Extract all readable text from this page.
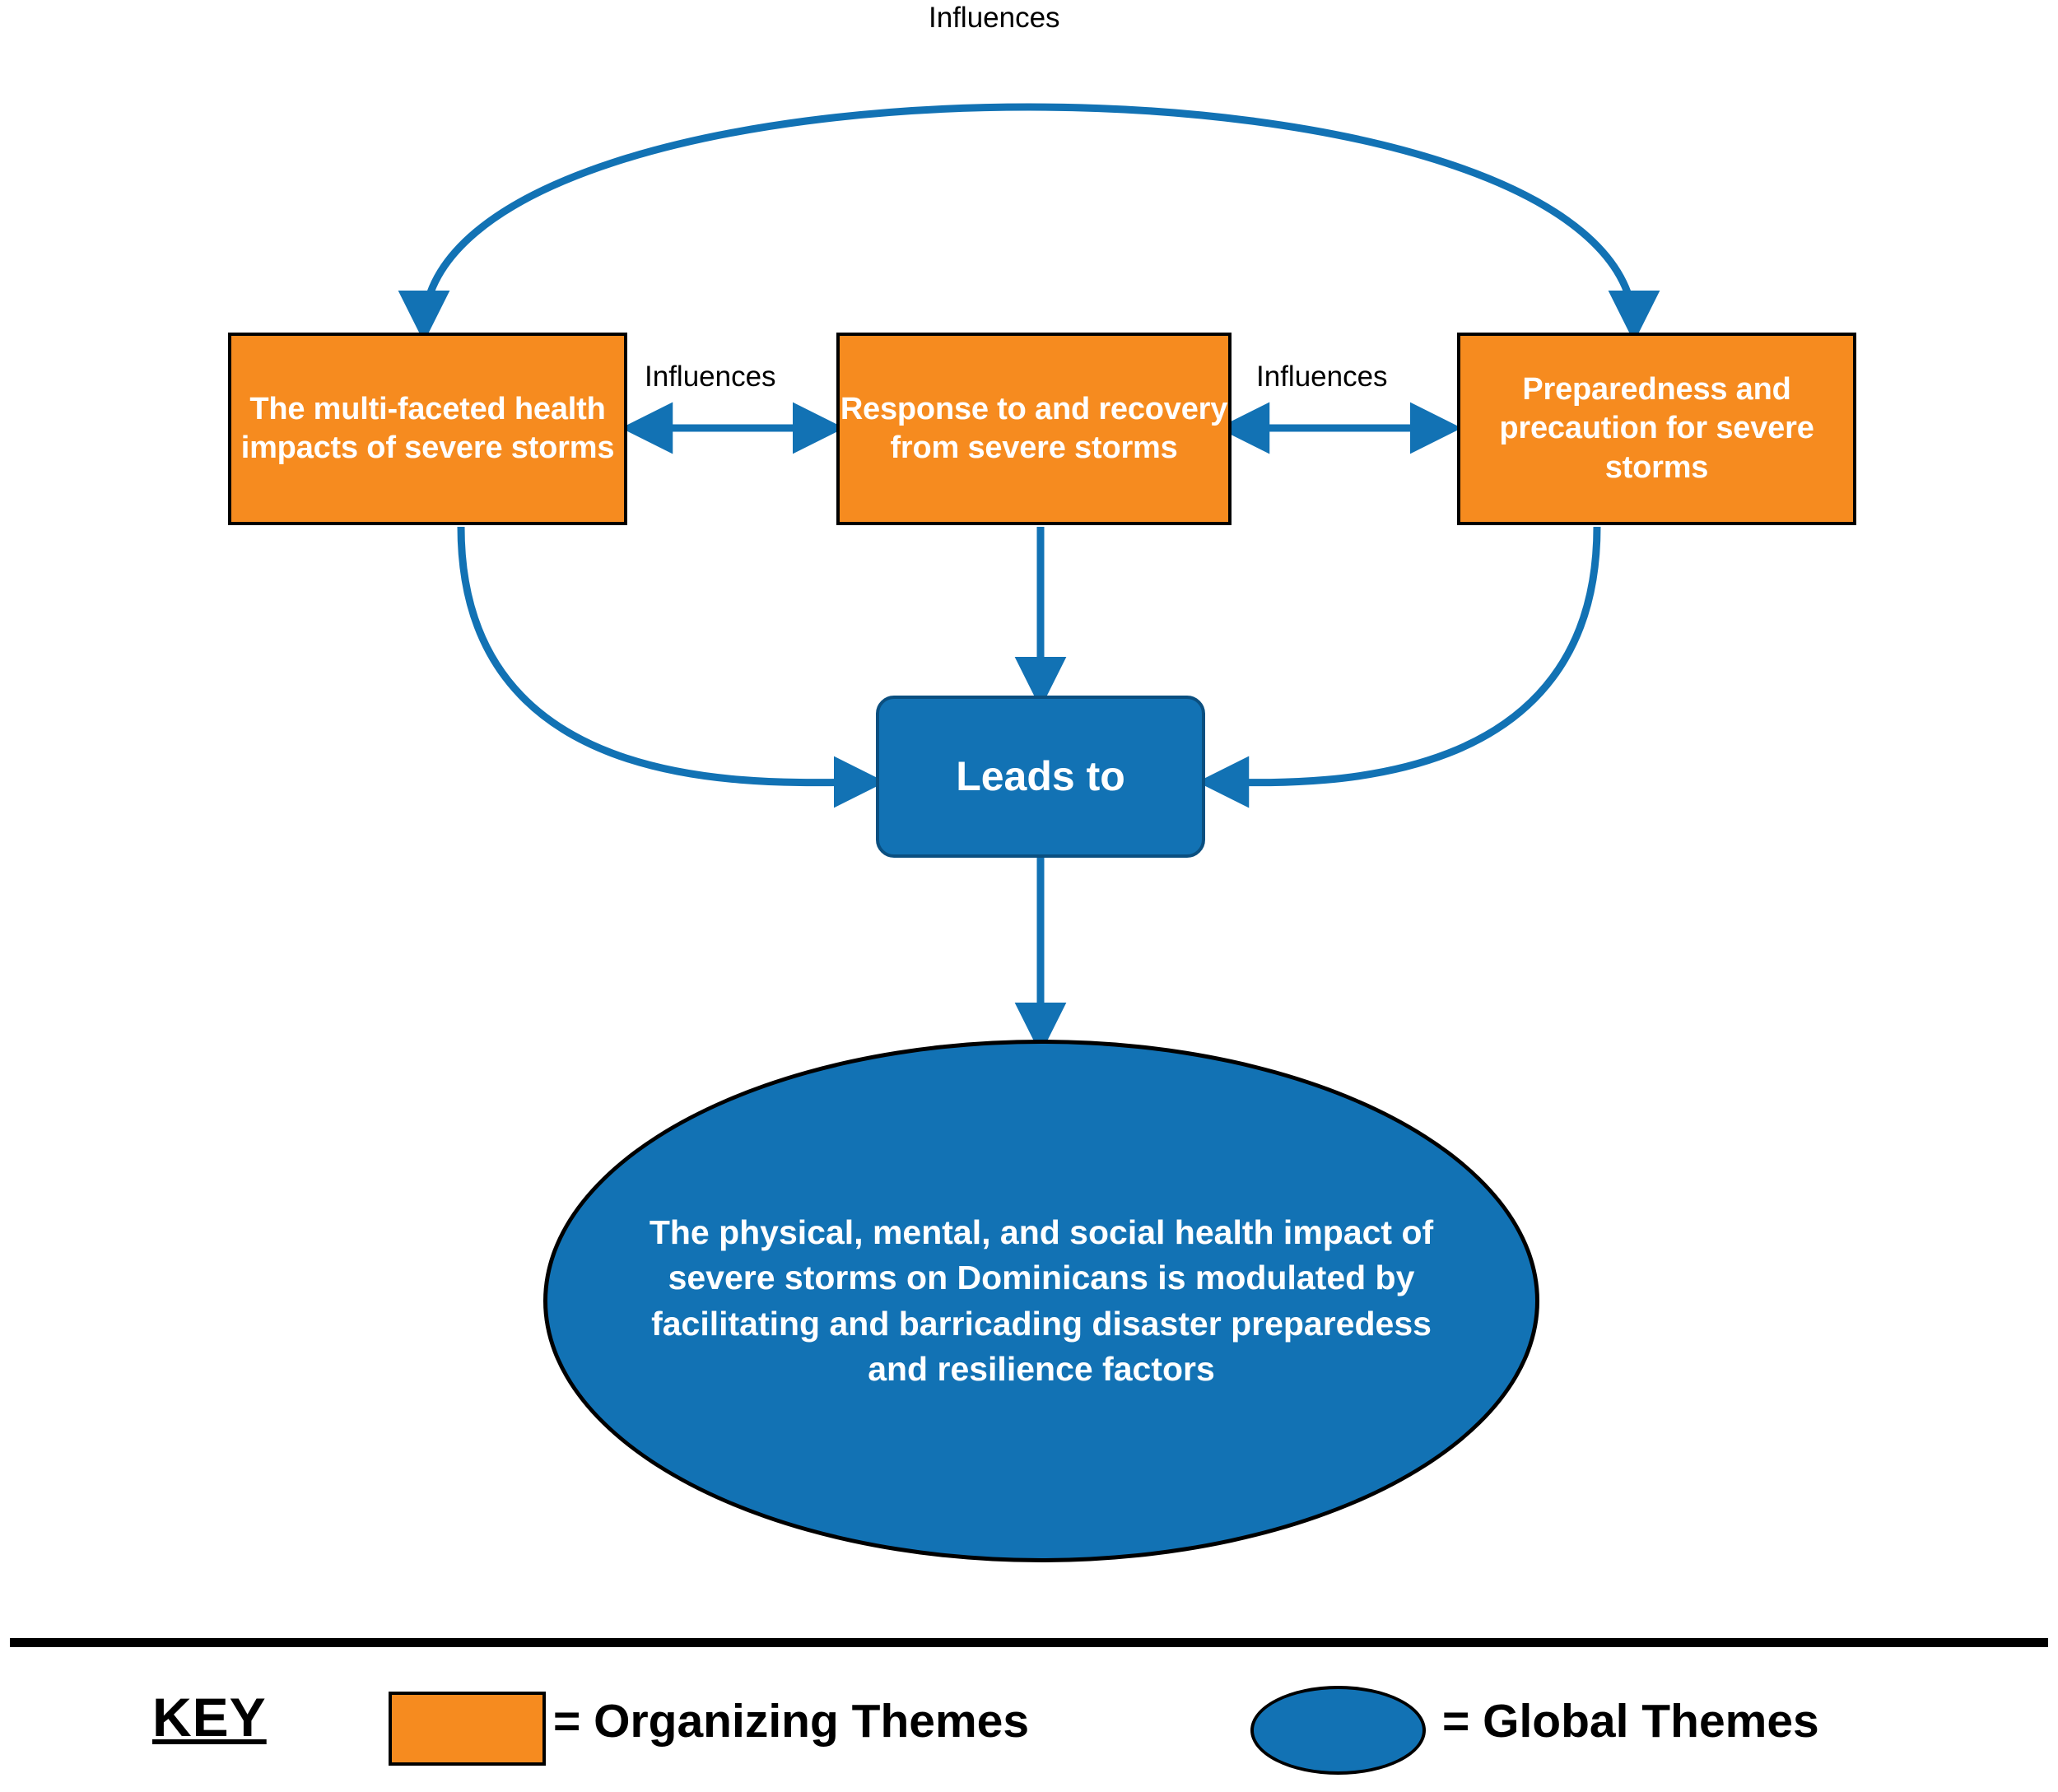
Influences
The multi-faceted health impacts of severe storms
Response to and recovery from severe storms
Preparedness and precaution for severe storms
Influences	Influences
Leads to
The physical, mental, and social health impact of severe storms on Dominicans is modulated by facilitating and barricading disaster preparedess and resilience factors
KEY	= Organizing Themes	= Global Themes
